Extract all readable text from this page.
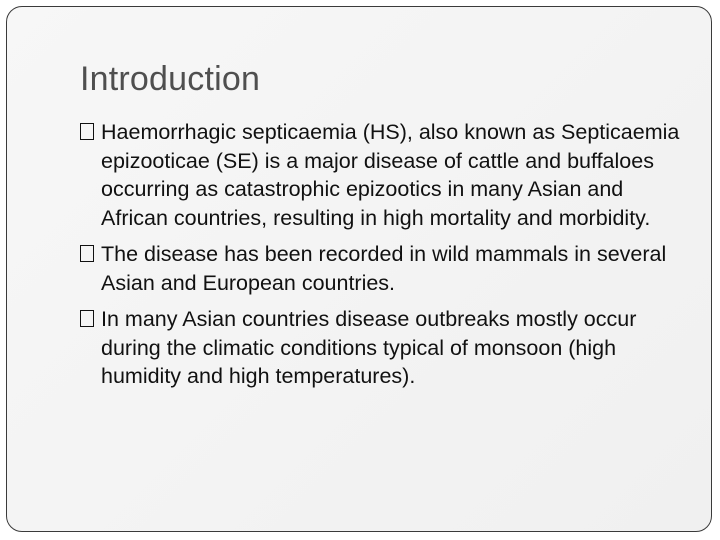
Introduction
Haemorrhagic septicaemia (HS), also known as Septicaemia epizooticae (SE) is a major disease of cattle and buffaloes occurring as catastrophic epizootics in many Asian and African countries, resulting in high mortality and morbidity.
The disease has been recorded in wild mammals in several Asian and European countries.
In many Asian countries disease outbreaks mostly occur during the climatic conditions typical of monsoon (high humidity and high temperatures).
